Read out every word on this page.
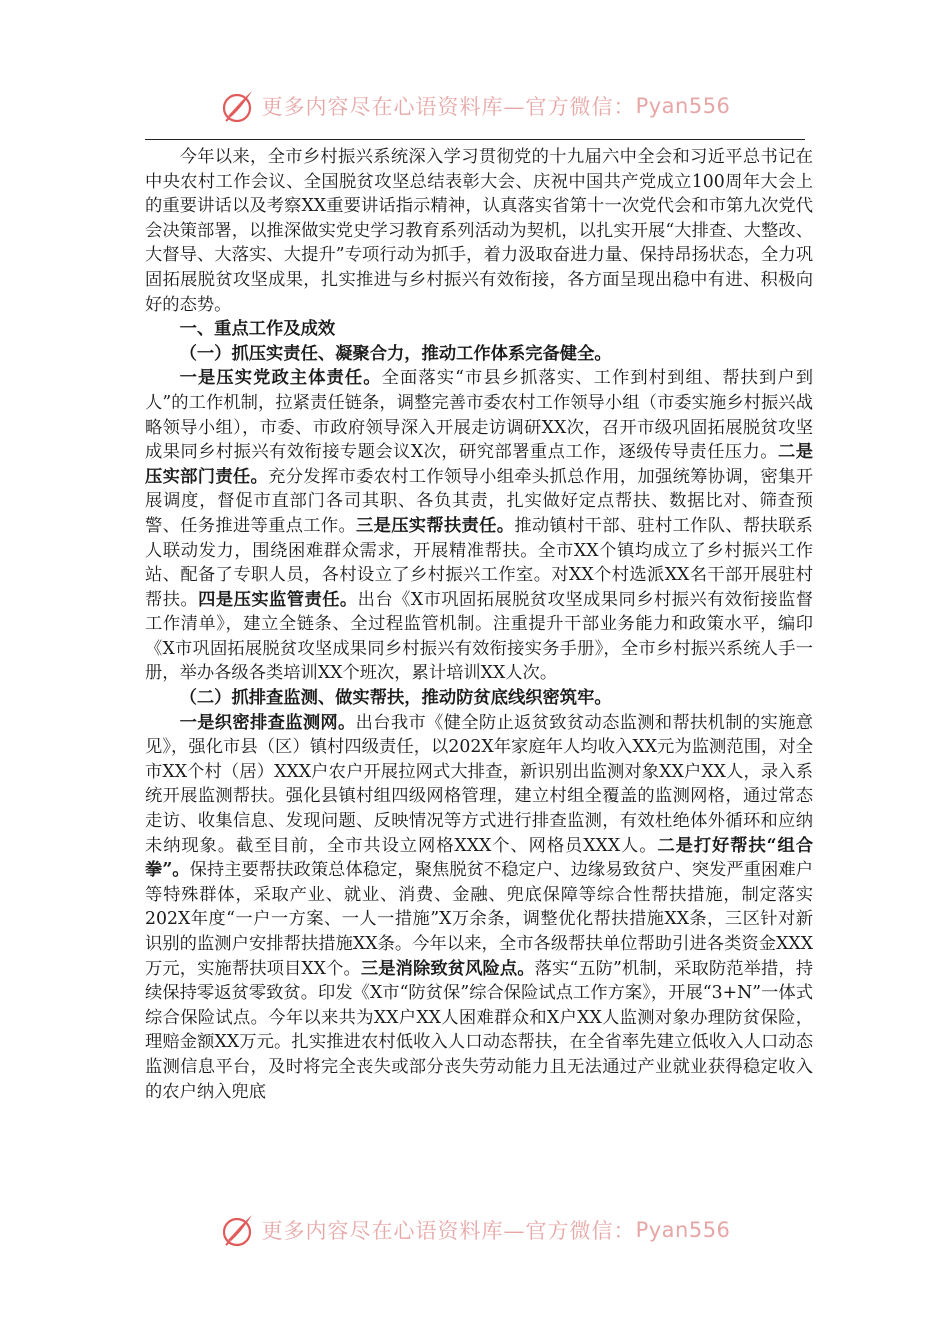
更多内容尽在心语资料库—官方微信： Pyan556

今年以来，全市乡村振兴系统深入学习贯彻党的十九届六中全会和习近平总书记在中央农村工作会议、全国脱贫攻坚总结表彰大会、庆祝中国共产党成立100周年大会上的重要讲话以及考察XX重要讲话指示精神，认真落实省第十一次党代会和市第九次党代会决策部署，以推深做实党史学习教育系列活动为契机，以扎实开展“大排查、大整改、大督导、大落实、大提升”专项行动为抓手，着力汲取奋进力量、保持昂扬状态，全力巩固拓展脱贫攻坚成果，扎实推进与乡村振兴有效衔接，各方面呈现出稳中有进、积极向好的态势。

一、重点工作及成效

（一）抓压实责任、凝聚合力，推动工作体系完备健全。

一是压实党政主体责任。全面落实“市县乡抓落实、工作到村到组、帮扶到户到人”的工作机制，拉紧责任链条，调整完善市委农村工作领导小组（市委实施乡村振兴战略领导小组），市委、市政府领导深入开展走访调研XX次，召开市级巩固拓展脱贫攻坚成果同乡村振兴有效衔接专题会议X次，研究部署重点工作，逐级传导责任压力。二是压实部门责任。充分发挥市委农村工作领导小组牵头抓总作用，加强统筹协调，密集开展调度，督促市直部门各司其职、各负其责，扎实做好定点帮扶、数据比对、筛查预警、任务推进等重点工作。三是压实帮扶责任。推动镇村干部、驻村工作队、帮扶联系人联动发力，围绕困难群众需求，开展精准帮扶。全市XX个镇均成立了乡村振兴工作站、配备了专职人员，各村设立了乡村振兴工作室。对XX个村选派XX名干部开展驻村帮扶。四是压实监管责任。出台《X市巩固拓展脱贫攻坚成果同乡村振兴有效衔接监督工作清单》，建立全链条、全过程监管机制。注重提升干部业务能力和政策水平，编印《X市巩固拓展脱贫攻坚成果同乡村振兴有效衔接实务手册》，全市乡村振兴系统人手一册，举办各级各类培训XX个班次，累计培训XX人次。

（二）抓排查监测、做实帮扶，推动防贫底线织密筑牢。

一是织密排查监测网。出台我市《健全防止返贫致贫动态监测和帮扶机制的实施意见》，强化市县（区）镇村四级责任，以202X年家庭年人均收入XX元为监测范围，对全市XX个村（居）XXX户农户开展拉网式大排查，新识别出监测对象XX户XX人，录入系统开展监测帮扶。强化县镇村组四级网格管理，建立村组全覆盖的监测网格，通过常态走访、收集信息、发现问题、反映情况等方式进行排查监测，有效杜绝体外循环和应纳未纳现象。截至目前，全市共设立网格XXX个、网格员XXX人。二是打好帮扶“组合拳”。保持主要帮扶政策总体稳定，聚焦脱贫不稳定户、边缘易致贫户、突发严重困难户等特殊群体，采取产业、就业、消费、金融、兜底保障等综合性帮扶措施，制定落实202X年度“一户一方案、一人一措施”X万余条，调整优化帮扶措施XX条，三区针对新识别的监测户安排帮扶措施XX条。今年以来，全市各级帮扶单位帮助引进各类资金XXX万元，实施帮扶项目XX个。三是消除致贫风险点。落实“五防”机制，采取防范举措，持续保持零返贫零致贫。印发《X市“防贫保”综合保险试点工作方案》，开展“3+N”一体式综合保险试点。今年以来共为XX户XX人困难群众和X户XX人监测对象办理防贫保险，理赔金额XX万元。扎实推进农村低收入人口动态帮扶，在全省率先建立低收入人口动态监测信息平台，及时将完全丧失或部分丧失劳动能力且无法通过产业就业获得稳定收入的农户纳入兜底

更多内容尽在心语资料库—官方微信： Pyan556
